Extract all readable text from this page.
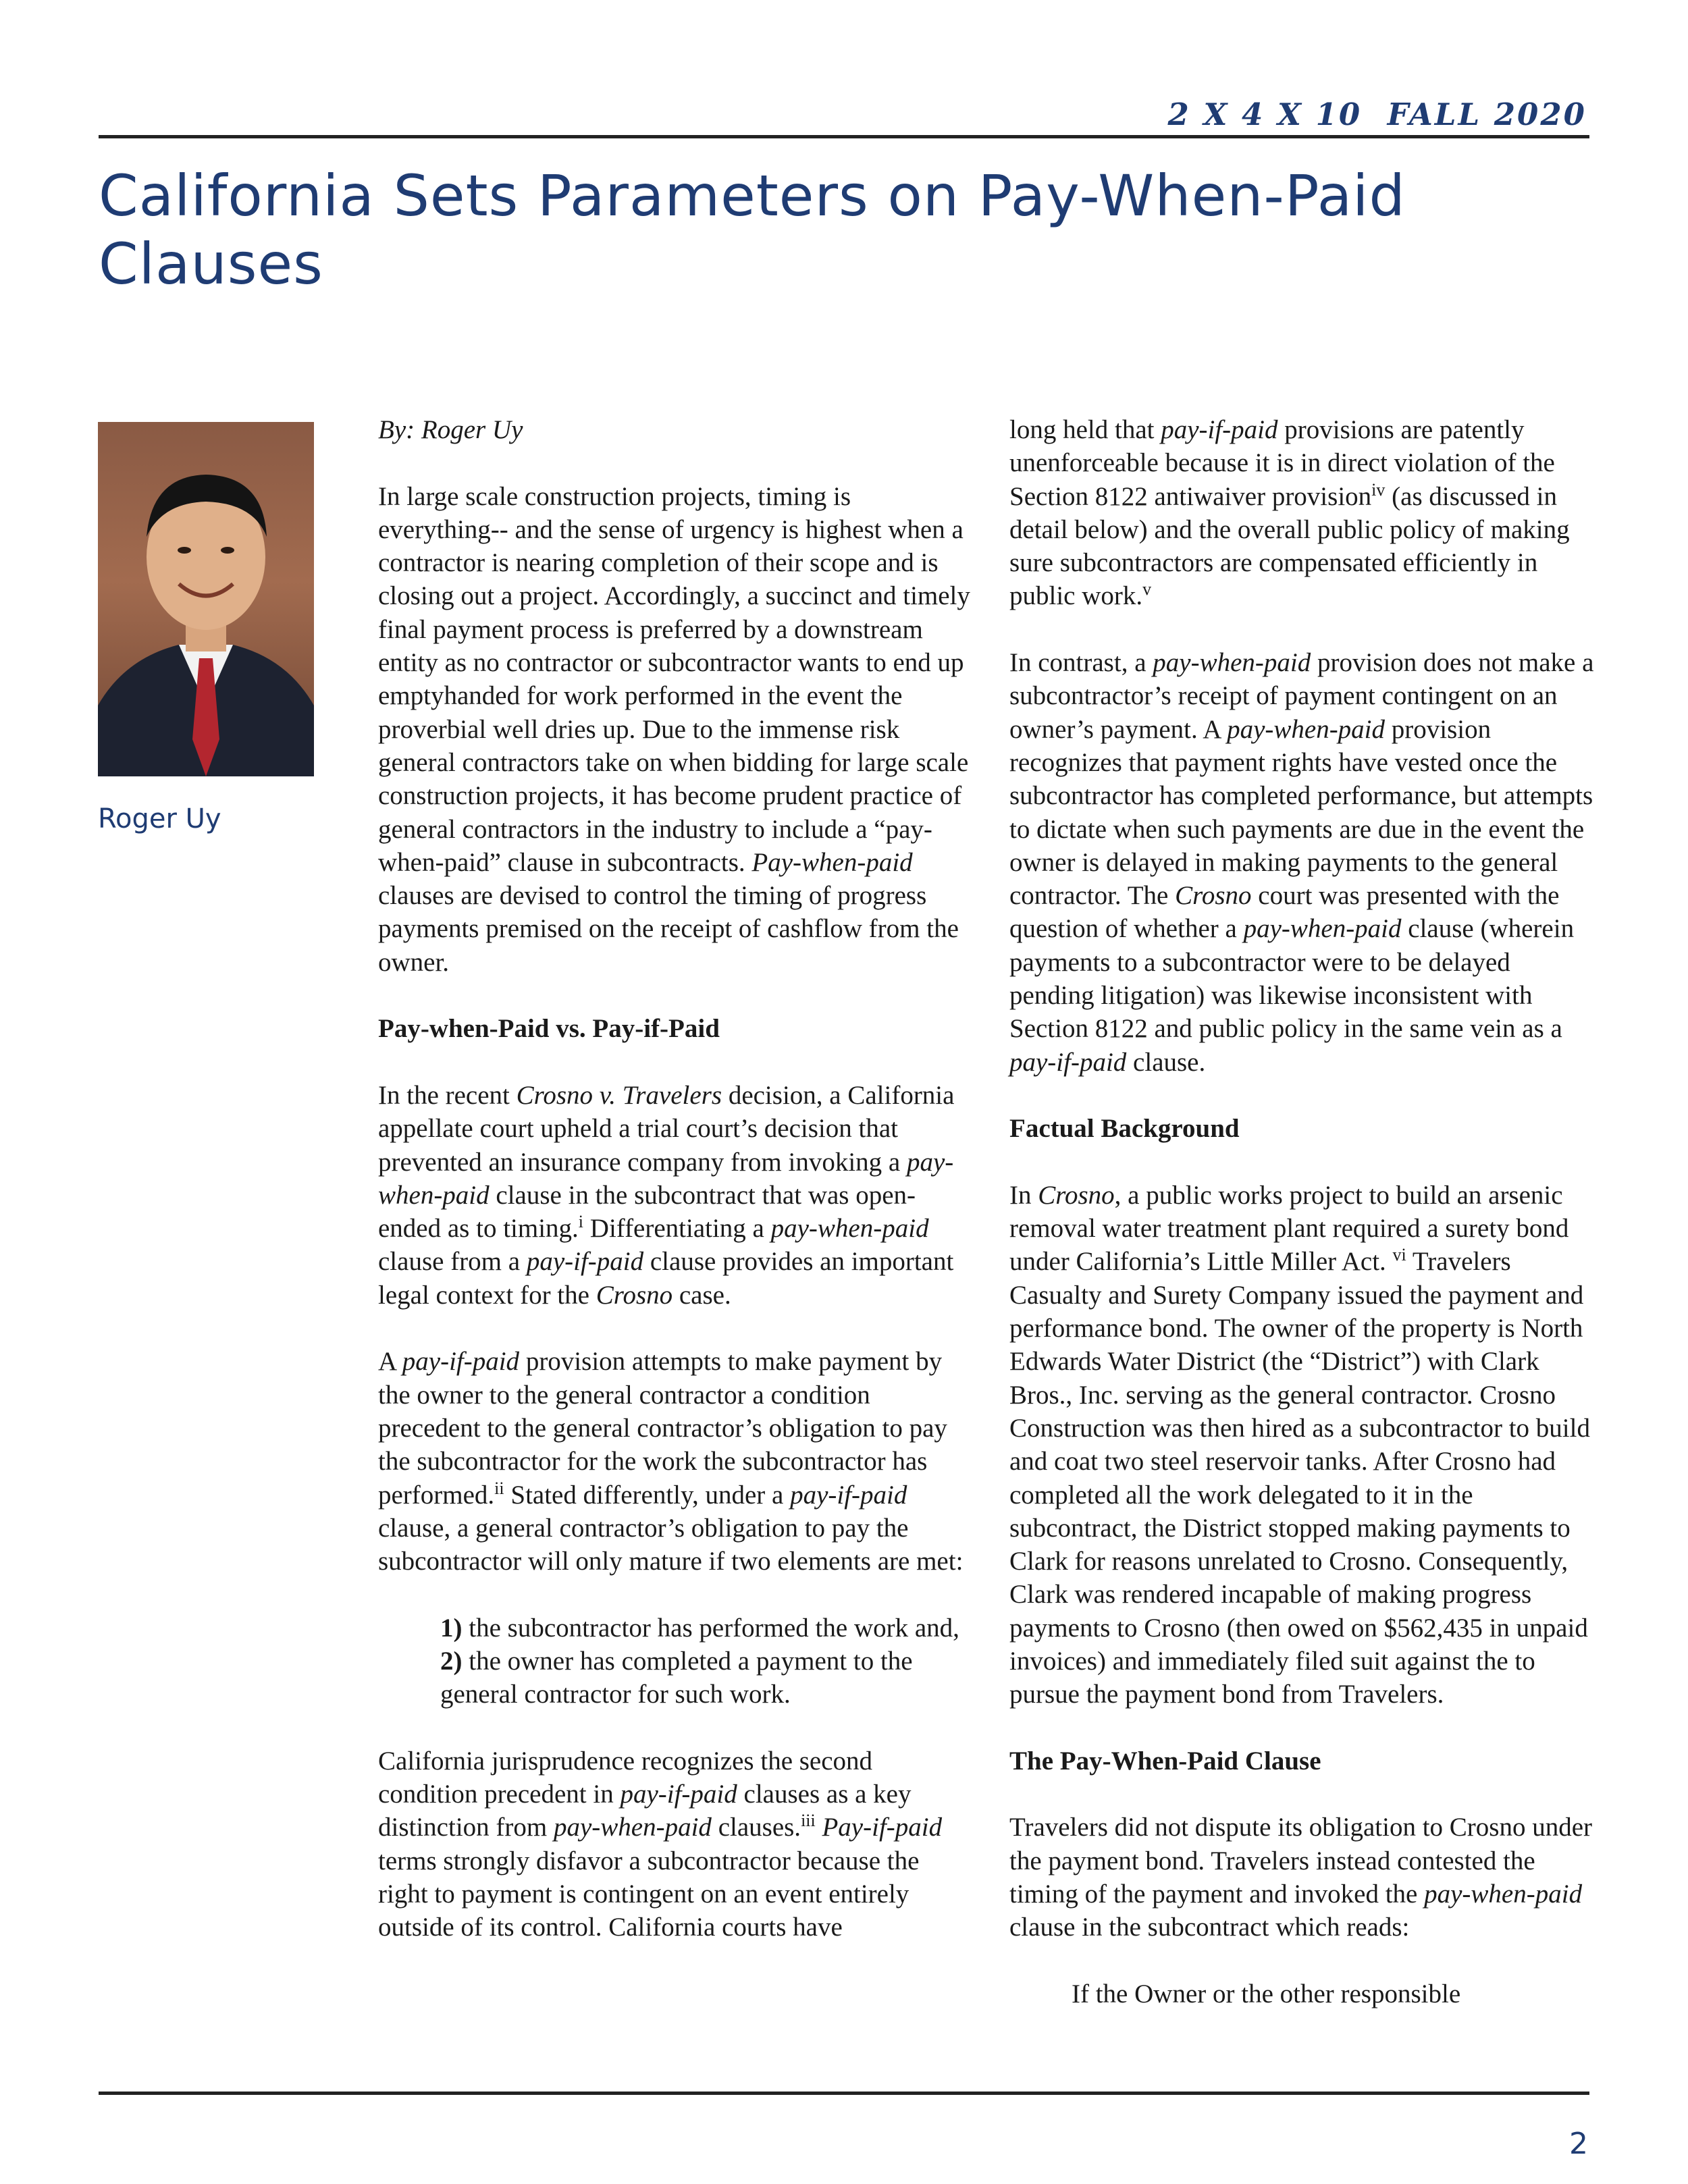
2 X 4 X 10  FALL 2020
California Sets Parameters on Pay-When-Paid Clauses
Roger Uy

By: Roger Uy

In large scale construction projects, timing is everything-- and the sense of urgency is highest when a contractor is nearing completion of their scope and is closing out a project. Accordingly, a succinct and timely final payment process is preferred by a downstream entity as no contractor or subcontractor wants to end up emptyhanded for work performed in the event the proverbial well dries up. Due to the immense risk general contractors take on when bidding for large scale construction projects, it has become prudent practice of general contractors in the industry to include a “pay-when-paid” clause in subcontracts. Pay-when-paid clauses are devised to control the timing of progress payments premised on the receipt of cashflow from the owner.

Pay-when-Paid vs. Pay-if-Paid

In the recent Crosno v. Travelers decision, a California appellate court upheld a trial court’s decision that prevented an insurance company from invoking a pay-when-paid clause in the subcontract that was open-ended as to timing.$^i$ Differentiating a pay-when-paid clause from a pay-if-paid clause provides an important legal context for the Crosno case.

A pay-if-paid provision attempts to make payment by the owner to the general contractor a condition precedent to the general contractor’s obligation to pay the subcontractor for the work the subcontractor has performed.$^{ii}$ Stated differently, under a pay-if-paid clause, a general contractor’s obligation to pay the subcontractor will only mature if two elements are met:

1) the subcontractor has performed the work and,
2) the owner has completed a payment to the general contractor for such work.

California jurisprudence recognizes the second condition precedent in pay-if-paid clauses as a key distinction from pay-when-paid clauses.$^{iii}$ Pay-if-paid terms strongly disfavor a subcontractor because the right to payment is contingent on an event entirely outside of its control. California courts have

long held that pay-if-paid provisions are patently unenforceable because it is in direct violation of the Section 8122 antiwaiver provision$^{iv}$ (as discussed in detail below) and the overall public policy of making sure subcontractors are compensated efficiently in public work.$^v$

In contrast, a pay-when-paid provision does not make a subcontractor’s receipt of payment contingent on an owner’s payment. A pay-when-paid provision recognizes that payment rights have vested once the subcontractor has completed performance, but attempts to dictate when such payments are due in the event the owner is delayed in making payments to the general contractor. The Crosno court was presented with the question of whether a pay-when-paid clause (wherein payments to a subcontractor were to be delayed pending litigation) was likewise inconsistent with Section 8122 and public policy in the same vein as a pay-if-paid clause.

Factual Background

In Crosno, a public works project to build an arsenic removal water treatment plant required a surety bond under California’s Little Miller Act. $^{vi}$ Travelers Casualty and Surety Company issued the payment and performance bond. The owner of the property is North Edwards Water District (the “District”) with Clark Bros., Inc. serving as the general contractor. Crosno Construction was then hired as a subcontractor to build and coat two steel reservoir tanks. After Crosno had completed all the work delegated to it in the subcontract, the District stopped making payments to Clark for reasons unrelated to Crosno. Consequently, Clark was rendered incapable of making progress payments to Crosno (then owed on $562,435 in unpaid invoices) and immediately filed suit against the to pursue the payment bond from Travelers.

The Pay-When-Paid Clause

Travelers did not dispute its obligation to Crosno under the payment bond. Travelers instead contested the timing of the payment and invoked the pay-when-paid clause in the subcontract which reads:

If the Owner or the other responsible

2
